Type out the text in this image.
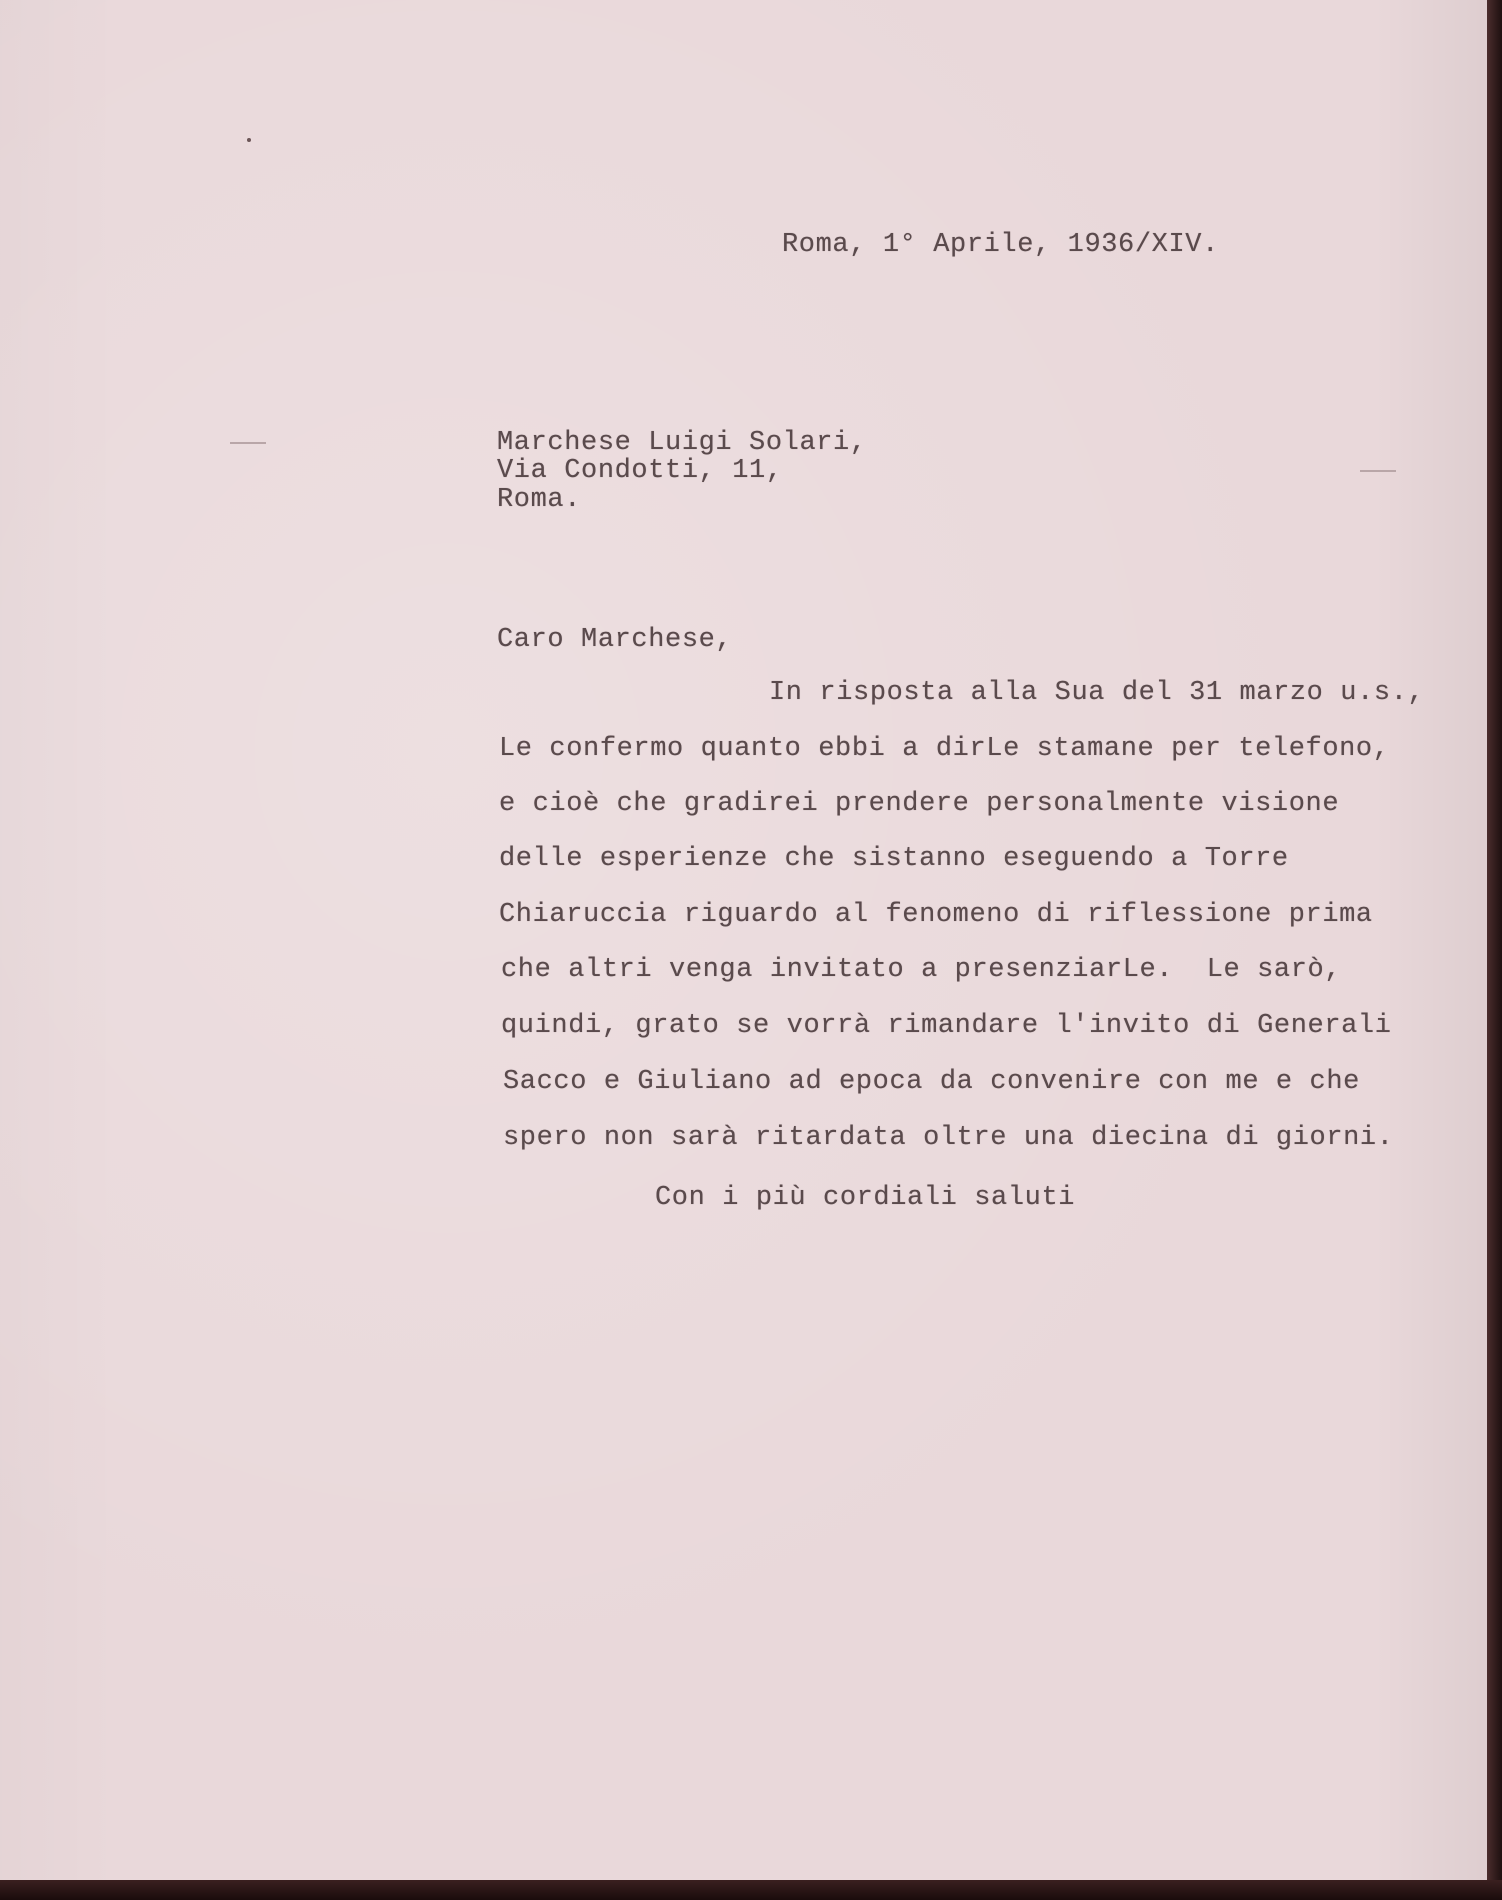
Roma, 1° Aprile, 1936/XIV.
Marchese Luigi Solari,
Via Condotti, 11,
Roma.
Caro Marchese,
In risposta alla Sua del 31 marzo u.s.,
Le confermo quanto ebbi a dirLe stamane per telefono,
e cioè che gradirei prendere personalmente visione
delle esperienze che sistanno eseguendo a Torre
Chiaruccia riguardo al fenomeno di riflessione prima
che altri venga invitato a presenziarLe.  Le sarò,
quindi, grato se vorrà rimandare l'invito di Generali
Sacco e Giuliano ad epoca da convenire con me e che
spero non sarà ritardata oltre una diecina di giorni.
Con i più cordiali saluti
